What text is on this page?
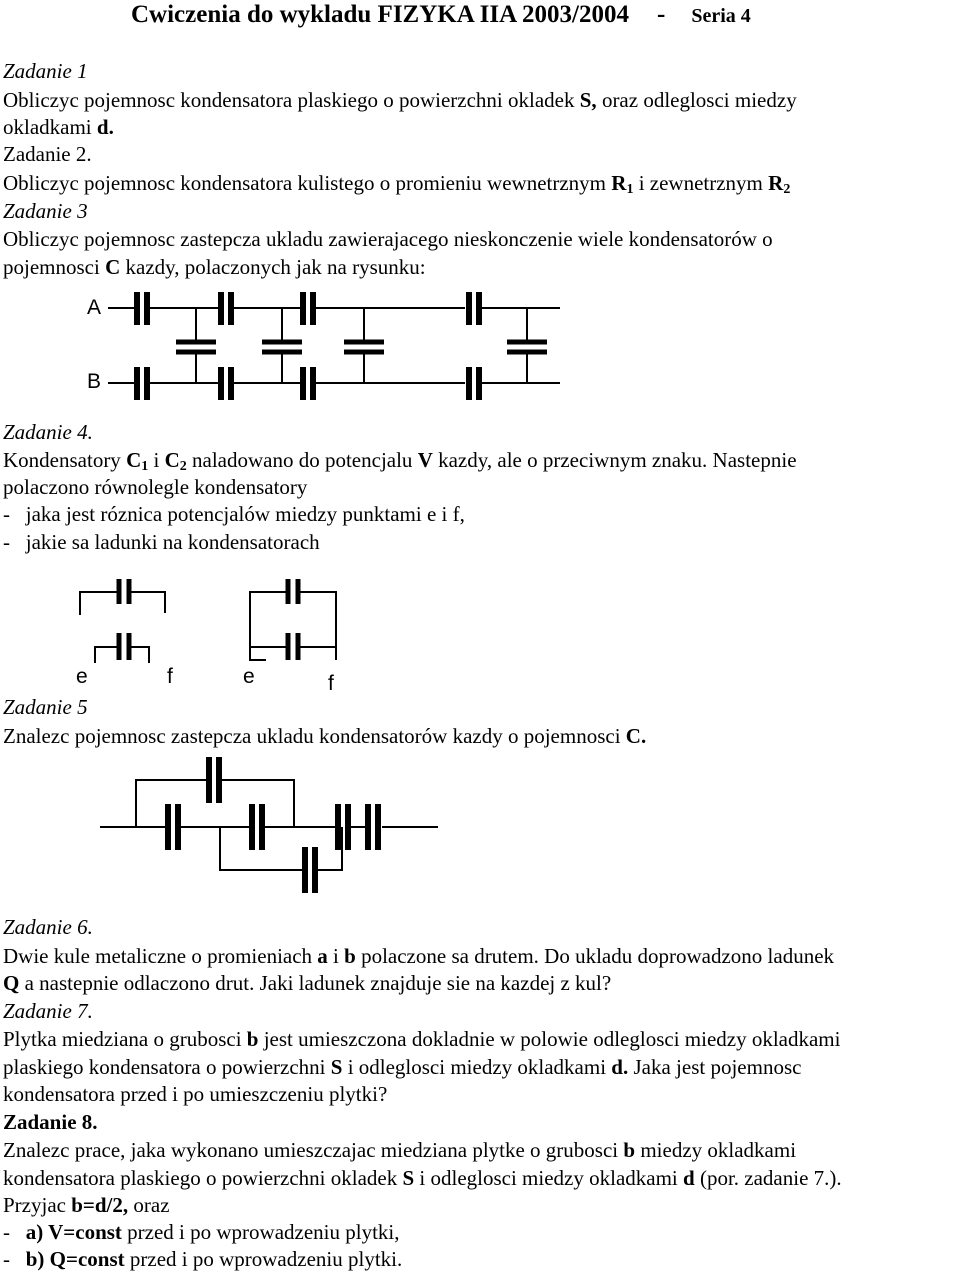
Cwiczenia do wykladu FIZYKA IIA 2003/2004 - Seria 4
Zadanie 1
Obliczyc pojemnosc kondensatora plaskiego o powierzchni okladek S, oraz odleglosci miedzy
okladkami d.
Zadanie 2.
Obliczyc pojemnosc kondensatora kulistego o promieniu wewnetrznym $R_1$ i zewnetrznym $R_2$
Zadanie 3
Obliczyc pojemnosc zastepcza ukladu zawierajacego nieskonczenie wiele kondensatorów o
pojemnosci C kazdy, polaczonych jak na rysunku:
A
B
Zadanie 4.
Kondensatory $C_1$ i $C_2$ naladowano do potencjalu V kazdy, ale o przeciwnym znaku. Nastepnie
polaczono równolegle kondensatory
-   jaka jest róznica potencjalów miedzy punktami e i f,
-   jakie sa ladunki na kondensatorach
e	f	e	f
Zadanie 5
Znalezc pojemnosc zastepcza ukladu kondensatorów kazdy o pojemnosci C.
Zadanie 6.
Dwie kule metaliczne o promieniach a i b polaczone sa drutem. Do ukladu doprowadzono ladunek
Q a nastepnie odlaczono drut. Jaki ladunek znajduje sie na kazdej z kul?
Zadanie 7.
Plytka miedziana o grubosci b jest umieszczona dokladnie w polowie odleglosci miedzy okladkami
plaskiego kondensatora o powierzchni S i odleglosci miedzy okladkami d. Jaka jest pojemnosc
kondensatora przed i po umieszczeniu plytki?
Zadanie 8.
Znalezc prace, jaka wykonano umieszczajac miedziana plytke o grubosci b miedzy okladkami
kondensatora plaskiego o powierzchni okladek S i odleglosci miedzy okladkami d (por. zadanie 7.).
Przyjac b=d/2, oraz
- a) V=const przed i po wprowadzeniu plytki,
- b) Q=const przed i po wprowadzeniu plytki.
